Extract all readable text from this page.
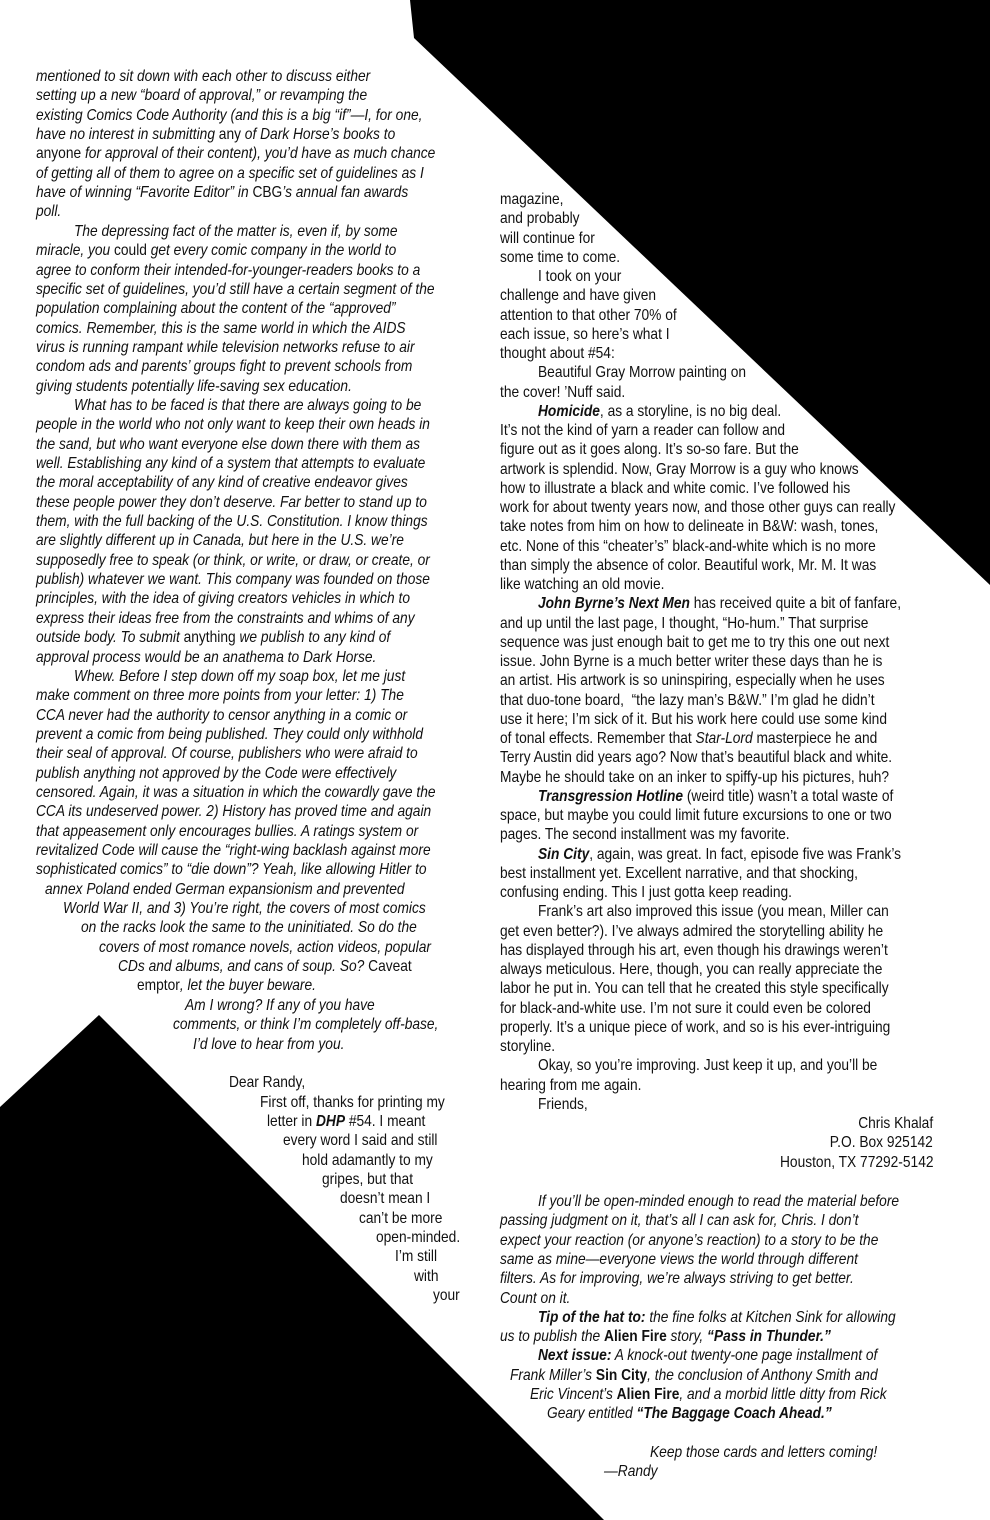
mentioned to sit down with each other to discuss either
setting up a new “board of approval,” or revamping the
existing Comics Code Authority (and this is a big “if”—I, for one,
have no interest in submitting any of Dark Horse’s books to
anyone for approval of their content), you’d have as much chance
of getting all of them to agree on a specific set of guidelines as I
have of winning “Favorite Editor” in CBG’s annual fan awards
poll.
The depressing fact of the matter is, even if, by some
miracle, you could get every comic company in the world to
agree to conform their intended-for-younger-readers books to a
specific set of guidelines, you’d still have a certain segment of the
population complaining about the content of the “approved”
comics. Remember, this is the same world in which the AIDS
virus is running rampant while television networks refuse to air
condom ads and parents’ groups fight to prevent schools from
giving students potentially life-saving sex education.
What has to be faced is that there are always going to be
people in the world who not only want to keep their own heads in
the sand, but who want everyone else down there with them as
well. Establishing any kind of a system that attempts to evaluate
the moral acceptability of any kind of creative endeavor gives
these people power they don’t deserve. Far better to stand up to
them, with the full backing of the U.S. Constitution. I know things
are slightly different up in Canada, but here in the U.S. we’re
supposedly free to speak (or think, or write, or draw, or create, or
publish) whatever we want. This company was founded on those
principles, with the idea of giving creators vehicles in which to
express their ideas free from the constraints and whims of any
outside body. To submit anything we publish to any kind of
approval process would be an anathema to Dark Horse.
Whew. Before I step down off my soap box, let me just
make comment on three more points from your letter: 1) The
CCA never had the authority to censor anything in a comic or
prevent a comic from being published. They could only withhold
their seal of approval. Of course, publishers who were afraid to
publish anything not approved by the Code were effectively
censored. Again, it was a situation in which the cowardly gave the
CCA its undeserved power. 2) History has proved time and again
that appeasement only encourages bullies. A ratings system or
revitalized Code will cause the “right-wing backlash against more
sophisticated comics” to “die down”? Yeah, like allowing Hitler to
annex Poland ended German expansionism and prevented
World War II, and 3) You’re right, the covers of most comics
on the racks look the same to the uninitiated. So do the
covers of most romance novels, action videos, popular
CDs and albums, and cans of soup. So? Caveat
emptor, let the buyer beware.
Am I wrong? If any of you have
comments, or think I’m completely off-base,
I’d love to hear from you.
Dear Randy,
First off, thanks for printing my
letter in DHP #54. I meant
every word I said and still
hold adamantly to my
gripes, but that
doesn’t mean I
can’t be more
open-minded.
I’m still
with
your
magazine,
and probably
will continue for
some time to come.
I took on your
challenge and have given
attention to that other 70% of
each issue, so here’s what I
thought about #54:
Beautiful Gray Morrow painting on
the cover! ’Nuff said.
Homicide, as a storyline, is no big deal.
It’s not the kind of yarn a reader can follow and
figure out as it goes along. It’s so-so fare. But the
artwork is splendid. Now, Gray Morrow is a guy who knows
how to illustrate a black and white comic. I’ve followed his
work for about twenty years now, and those other guys can really
take notes from him on how to delineate in B&W: wash, tones,
etc. None of this “cheater’s” black-and-white which is no more
than simply the absence of color. Beautiful work, Mr. M. It was
like watching an old movie.
John Byrne’s Next Men has received quite a bit of fanfare,
and up until the last page, I thought, “Ho-hum.” That surprise
sequence was just enough bait to get me to try this one out next
issue. John Byrne is a much better writer these days than he is
an artist. His artwork is so uninspiring, especially when he uses
that duo-tone board,  “the lazy man’s B&W.” I’m glad he didn’t
use it here; I’m sick of it. But his work here could use some kind
of tonal effects. Remember that Star-Lord masterpiece he and
Terry Austin did years ago? Now that’s beautiful black and white.
Maybe he should take on an inker to spiffy-up his pictures, huh?
Transgression Hotline (weird title) wasn’t a total waste of
space, but maybe you could limit future excursions to one or two
pages. The second installment was my favorite.
Sin City, again, was great. In fact, episode five was Frank’s
best installment yet. Excellent narrative, and that shocking,
confusing ending. This I just gotta keep reading.
Frank’s art also improved this issue (you mean, Miller can
get even better?). I’ve always admired the storytelling ability he
has displayed through his art, even though his drawings weren’t
always meticulous. Here, though, you can really appreciate the
labor he put in. You can tell that he created this style specifically
for black-and-white use. I’m not sure it could even be colored
properly. It’s a unique piece of work, and so is his ever-intriguing
storyline.
Okay, so you’re improving. Just keep it up, and you’ll be
hearing from me again.
Friends,
Chris Khalaf
P.O. Box 925142
Houston, TX 77292-5142
If you’ll be open-minded enough to read the material before
passing judgment on it, that’s all I can ask for, Chris. I don’t
expect your reaction (or anyone’s reaction) to a story to be the
same as mine—everyone views the world through different
filters. As for improving, we’re always striving to get better.
Count on it.
Tip of the hat to: the fine folks at Kitchen Sink for allowing
us to publish the Alien Fire story, “Pass in Thunder.”
Next issue: A knock-out twenty-one page installment of
Frank Miller’s Sin City, the conclusion of Anthony Smith and
Eric Vincent’s Alien Fire, and a morbid little ditty from Rick
Geary entitled “The Baggage Coach Ahead.”
Keep those cards and letters coming!
—Randy
